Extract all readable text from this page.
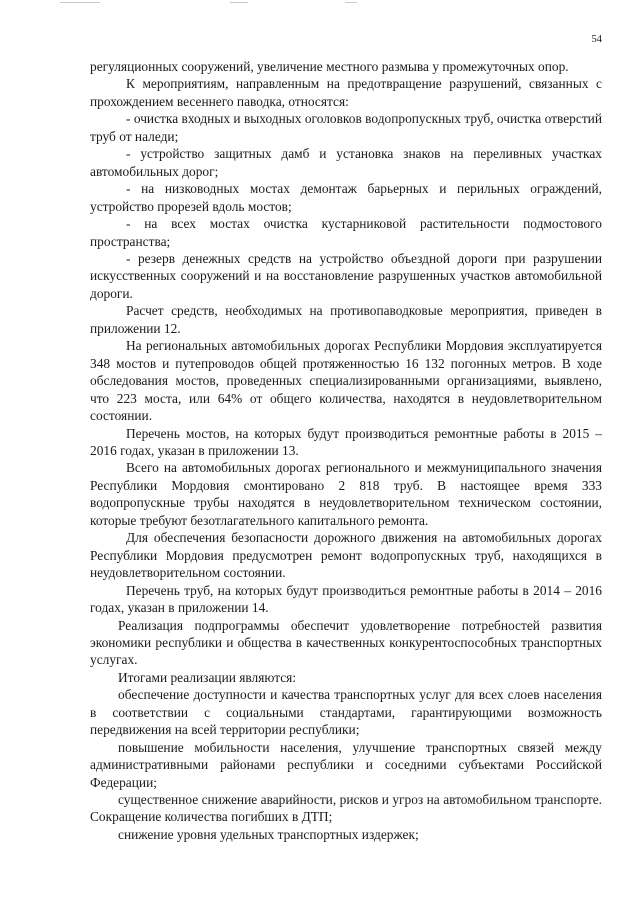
54

регуляционных сооружений, увеличение местного размыва у промежуточных опор.

К мероприятиям, направленным на предотвращение разрушений, связанных с прохождением весеннего паводка, относятся:

- очистка входных и выходных оголовков водопропускных труб, очистка отверстий труб от наледи;

- устройство защитных дамб и установка знаков на переливных участках автомобильных дорог;

- на низководных мостах демонтаж барьерных и перильных ограждений, устройство прорезей вдоль мостов;

- на всех мостах очистка кустарниковой растительности подмостового пространства;

- резерв денежных средств на устройство объездной дороги при разрушении искусственных сооружений и на восстановление разрушенных участков автомобильной дороги.

Расчет средств, необходимых на противопаводковые мероприятия, приведен в приложении 12.

На региональных автомобильных дорогах Республики Мордовия эксплуатируется 348 мостов и путепроводов общей протяженностью 16 132 погонных метров. В ходе обследования мостов, проведенных специализированными организациями, выявлено, что 223 моста, или 64% от общего количества, находятся в неудовлетворительном состоянии.

Перечень мостов, на которых будут производиться ремонтные работы в 2015 – 2016 годах, указан в приложении 13.

Всего на автомобильных дорогах регионального и межмуниципального значения Республики Мордовия смонтировано 2 818 труб. В настоящее время 333 водопропускные трубы находятся в неудовлетворительном техническом состоянии, которые требуют безотлагательного капитального ремонта.

Для обеспечения безопасности дорожного движения на автомобильных дорогах Республики Мордовия предусмотрен ремонт водопропускных труб, находящихся в неудовлетворительном состоянии.

Перечень труб, на которых будут производиться ремонтные работы в 2014 – 2016 годах, указан в приложении 14.

Реализация подпрограммы обеспечит удовлетворение потребностей развития экономики республики и общества в качественных конкурентоспособных транспортных услугах.

Итогами реализации являются:

обеспечение доступности и качества транспортных услуг для всех слоев населения в соответствии с социальными стандартами, гарантирующими возможность передвижения на всей территории республики;

повышение мобильности населения, улучшение транспортных связей между административными районами республики и соседними субъектами Российской Федерации;

существенное снижение аварийности, рисков и угроз на автомобильном транспорте. Сокращение количества погибших в ДТП;

снижение уровня удельных транспортных издержек;
